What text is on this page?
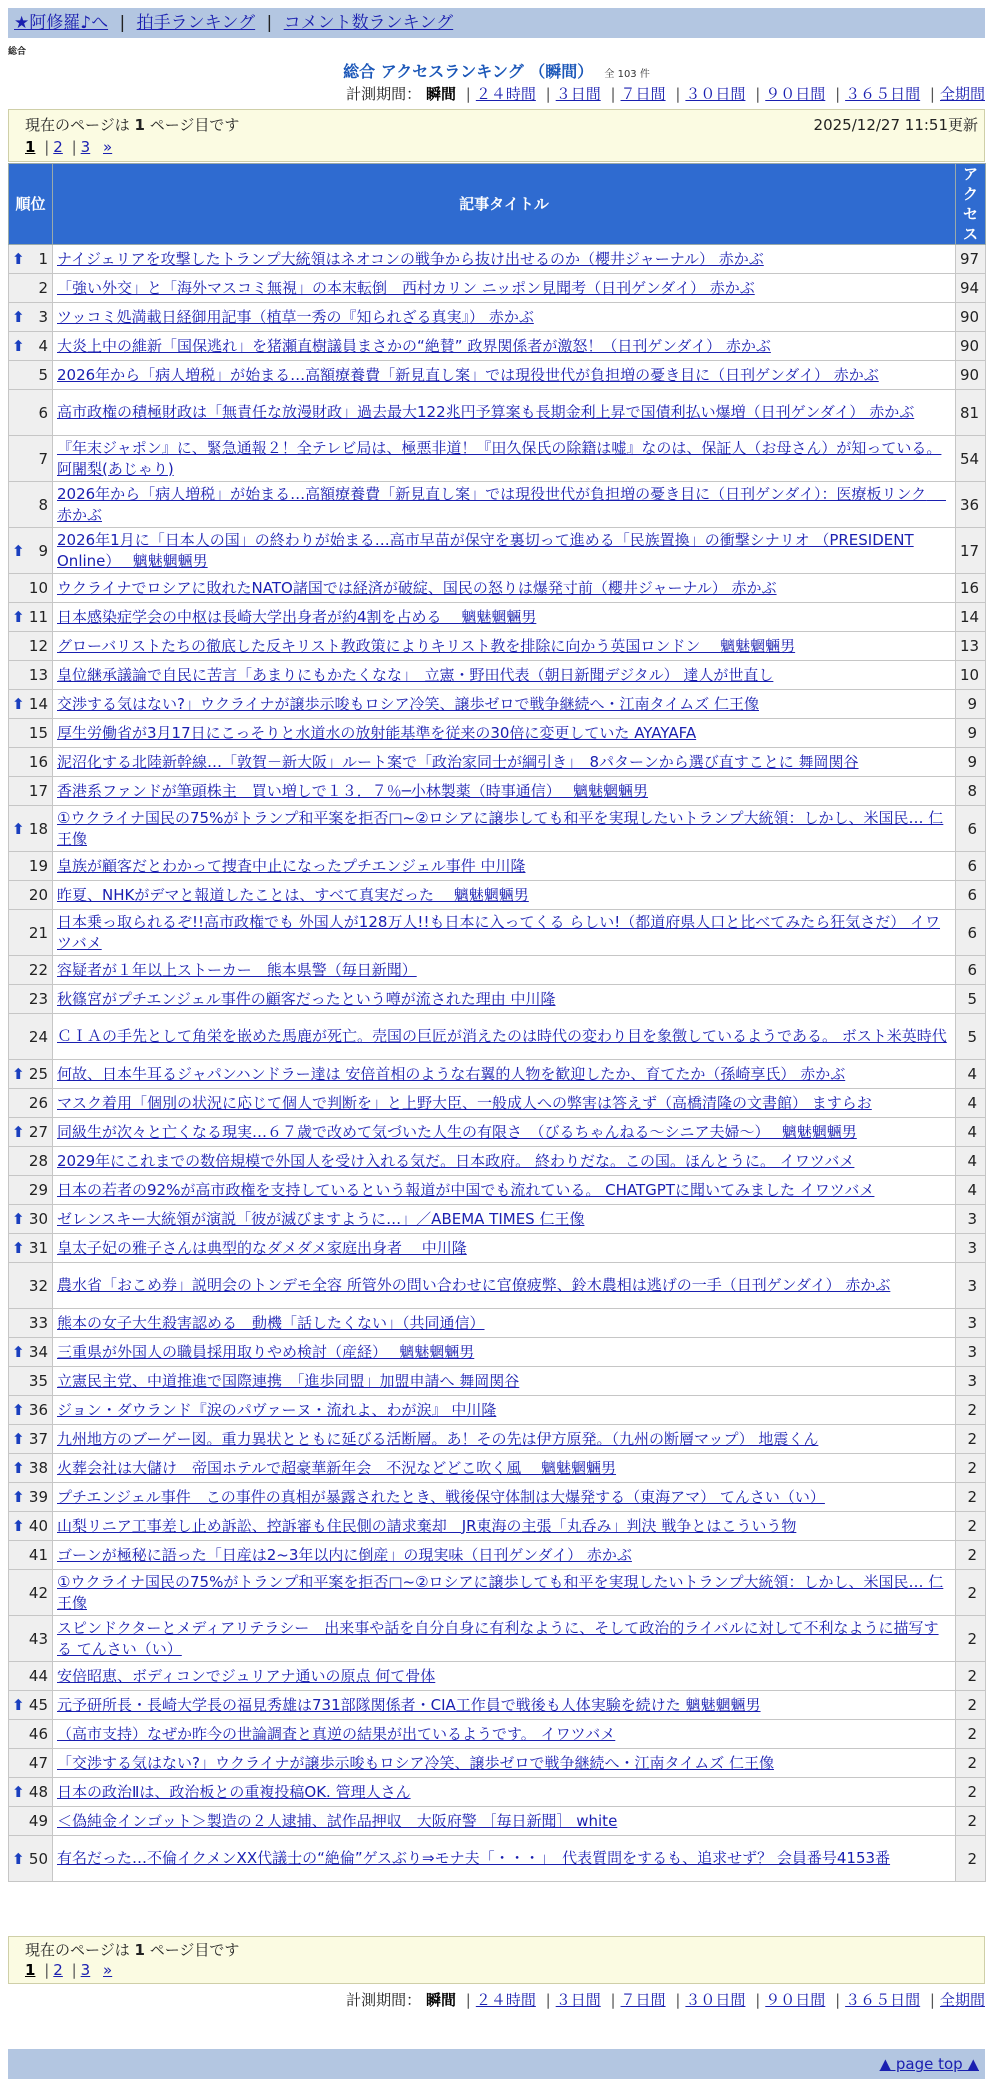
★阿修羅♪へ | 拍手ランキング | コメント数ランキング
総合
総合 アクセスランキング （瞬間） 全 103 件
計測期間： 瞬間 | ２４時間 | ３日間 | ７日間 | ３０日間 | ９０日間 | ３６５日間 | 全期間
現在のページは 1 ページ目です	2025/12/27 11:51更新
1 | 2 | 3 »
順位	記事タイトル	アクセス

⬆ 1	ナイジェリアを攻撃したトランプ大統領はネオコンの戦争から抜け出せるのか（櫻井ジャーナル） 赤かぶ	97
2	「強い外交」と「海外マスコミ無視」の本末転倒　西村カリン ニッポン見聞考（日刊ゲンダイ） 赤かぶ	94

⬆ 3	ツッコミ処満載日経御用記事（植草一秀の『知られざる真実』） 赤かぶ	90

⬆ 4	大炎上中の維新「国保逃れ」を猪瀬直樹議員まさかの“絶賛” 政界関係者が激怒！（日刊ゲンダイ） 赤かぶ	90
5	2026年から「病人増税」が始まる…高額療養費「新見直し案」では現役世代が負担増の憂き目に（日刊ゲンダイ） 赤かぶ	90
6	高市政権の積極財政は「無責任な放漫財政」過去最大122兆円予算案も長期金利上昇で国債利払い爆増（日刊ゲンダイ） 赤かぶ	81
7	『年末ジャポン』に、緊急通報２！全テレビ局は、極悪非道！『田久保氏の除籍は嘘』なのは、保証人（お母さん）が知っている。 阿闍梨(あじゃり)	54
8	2026年から「病人増税」が始まる…高額療養費「新見直し案」では現役世代が負担増の憂き目に（日刊ゲンダイ）：医療板リンク　 赤かぶ	36

⬆ 9	2026年1月に「日本人の国」の終わりが始まる…高市早苗が保守を裏切って進める「民族置換」の衝撃シナリオ （PRESIDENT Online）　 魑魅魍魎男	17
10	ウクライナでロシアに敗れたNATO諸国では経済が破綻、国民の怒りは爆発寸前（櫻井ジャーナル） 赤かぶ	16

⬆ 11	日本感染症学会の中枢は長崎大学出身者が約4割を占める　 魑魅魍魎男	14
12	グローバリストたちの徹底した反キリスト教政策によりキリスト教を排除に向かう英国ロンドン　 魑魅魍魎男	13
13	皇位継承議論で自民に苦言「あまりにもかたくなな」　立憲・野田代表（朝日新聞デジタル） 達人が世直し	10

⬆ 14	交渉する気はない?」ウクライナが譲歩示唆もロシア冷笑、譲歩ゼロで戦争継続へ・江南タイムズ 仁王像	9
15	厚生労働省が3月17日にこっそりと水道水の放射能基準を従来の30倍に変更していた AYAYAFA	9
16	泥沼化する北陸新幹線…「敦賀－新大阪」ルート案で「政治家同士が綱引き」　8パターンから選び直すことに 舞岡関谷	9
17	香港系ファンドが筆頭株主　買い増しで１３．７％─小林製薬（時事通信）　 魑魅魍魎男	8

⬆ 18	①ウクライナ国民の75%がトランプ和平案を拒否□~②ロシアに譲歩しても和平を実現したいトランプ大統領：しかし、米国民… 仁王像	6
19	皇族が顧客だとわかって捜査中止になったプチエンジェル事件 中川隆	6
20	昨夏、NHKがデマと報道したことは、すべて真実だった　 魑魅魍魎男	6
21	日本乗っ取られるぞ!!高市政権でも 外国人が128万人!!も日本に入ってくる らしい!（都道府県人口と比べてみたら狂気さだ） イワツバメ	6
22	容疑者が１年以上ストーカー　熊本県警（毎日新聞）	6
23	秋篠宮がプチエンジェル事件の顧客だったという噂が流された理由 中川隆	5
24	ＣＩＡの手先として角栄を嵌めた馬鹿が死亡。売国の巨匠が消えたのは時代の変わり目を象徴しているようである。 ボスト米英時代	5

⬆ 25	何故、日本牛耳るジャパンハンドラー達は 安倍首相のような右翼的人物を歓迎したか、育てたか（孫崎享氏） 赤かぶ	4
26	マスク着用「個別の状況に応じて個人で判断を」と上野大臣、一般成人への弊害は答えず（高橋清隆の文書館） ますらお	4

⬆ 27	同級生が次々と亡くなる現実…６７歳で改めて気づいた人生の有限さ　（びるちゃんねる～シニア夫婦～）　 魑魅魍魎男	4
28	2029年にこれまでの数倍規模で外国人を受け入れる気だ。日本政府。 終わりだな。この国。ほんとうに。 イワツバメ	4
29	日本の若者の92%が高市政権を支持しているという報道が中国でも流れている。 CHATGPTに聞いてみました イワツバメ	4

⬆ 30	ゼレンスキー大統領が演説「彼が滅びますように…」／ABEMA TIMES 仁王像	3

⬆ 31	皇太子妃の雅子さんは典型的なダメダメ家庭出身者　 中川隆	3
32	農水省「おこめ券」説明会のトンデモ全容 所管外の問い合わせに官僚疲弊、鈴木農相は逃げの一手（日刊ゲンダイ） 赤かぶ	3
33	熊本の女子大生殺害認める　動機「話したくない」（共同通信）	3

⬆ 34	三重県が外国人の職員採用取りやめ検討（産経）　 魑魅魍魎男	3
35	立憲民主党、中道推進で国際連携　「進歩同盟」加盟申請へ 舞岡関谷	3

⬆ 36	ジョン・ダウランド『涙のパヴァーヌ・流れよ、わが涙』 中川隆	2

⬆ 37	九州地方のブーゲー図。重力異状とともに延びる活断層。あ！その先は伊方原発。（九州の断層マップ） 地震くん	2

⬆ 38	火葬会社は大儲け　帝国ホテルで超豪華新年会　不況などどこ吹く風　 魑魅魍魎男	2

⬆ 39	プチエンジェル事件　この事件の真相が暴露されたとき、戦後保守体制は大爆発する（東海アマ） てんさい（い）	2

⬆ 40	山梨リニア工事差し止め訴訟、控訴審も住民側の請求棄却　JR東海の主張「丸呑み」判決 戦争とはこういう物	2
41	ゴーンが極秘に語った「日産は2~3年以内に倒産」の現実味（日刊ゲンダイ） 赤かぶ	2
42	①ウクライナ国民の75%がトランプ和平案を拒否□~②ロシアに譲歩しても和平を実現したいトランプ大統領：しかし、米国民… 仁王像	2
43	スピンドクターとメディアリテラシー　出来事や話を自分自身に有利なように、そして政治的ライバルに対して不利なように描写する てんさい（い）	2
44	安倍昭恵、ボディコンでジュリアナ通いの原点 何て骨体	2

⬆ 45	元予研所長・長崎大学長の福見秀雄は731部隊関係者・CIA工作員で戦後も人体実験を続けた 魑魅魍魎男	2
46	（高市支持）なぜか昨今の世論調査と真逆の結果が出ているようです。 イワツバメ	2
47	「交渉する気はない?」ウクライナが譲歩示唆もロシア冷笑、譲歩ゼロで戦争継続へ・江南タイムズ 仁王像	2

⬆ 48	日本の政治Ⅱは、政治板との重複投稿OK. 管理人さん	2
49	＜偽純金インゴット＞製造の２人逮捕、試作品押収　大阪府警 ［毎日新聞］ white	2

⬆ 50	有名だった…不倫イクメンXX代議士の“絶倫”ゲスぶり⇒モナ夫「・・・」　代表質問をするも、追求せず？ 会員番号4153番	2
現在のページは 1 ページ目です
1 | 2 | 3 »
計測期間： 瞬間 | ２４時間 | ３日間 | ７日間 | ３０日間 | ９０日間 | ３６５日間 | 全期間
▲ page top ▲
